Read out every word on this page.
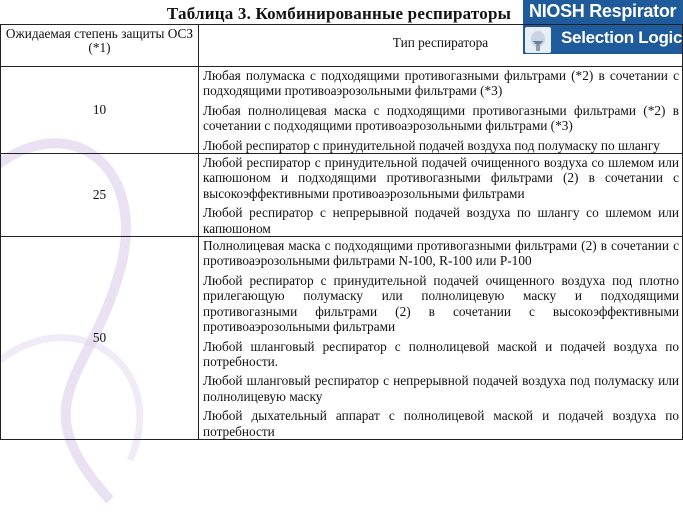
Таблица 3. Комбинированные респираторы NIOSH Respirator
Selection Logic
Ожидаемая степень защиты ОСЗ (*1)	Тип респиратора
10	Любая полумаска с подходящими противогазными фильтрами (*2) в сочетании с подходящими противоаэрозольными фильтрами (*3)
Любая полнолицевая маска с подходящими противогазными фильтрами (*2) в сочетании с подходящими противоаэрозольными фильтрами (*3)
Любой респиратор с принудительной подачей воздуха под полумаску по шлангу

25	Любой респиратор с принудительной подачей очищенного воздуха со шлемом или капюшоном и подходящими противогазными фильтрами (2) в сочетании с высокоэффективными противоаэрозольными фильтрами
Любой респиратор с непрерывной подачей воздуха по шлангу со шлемом или капюшоном

50	Полнолицевая маска с подходящими противогазными фильтрами (2) в сочетании с противоаэрозольными фильтрами N-100, R-100 или P-100
Любой респиратор с принудительной подачей очищенного воздуха под плотно прилегающую полумаску или полнолицевую маску и подходящими противогазными фильтрами (2) в сочетании с высокоэффективными противоаэрозольными фильтрами
Любой шланговый респиратор с полнолицевой маской и подачей воздуха по потребности.
Любой шланговый респиратор с непрерывной подачей воздуха под полумаску или полнолицевую маску
Любой дыхательный аппарат с полнолицевой маской и подачей воздуха по потребности
